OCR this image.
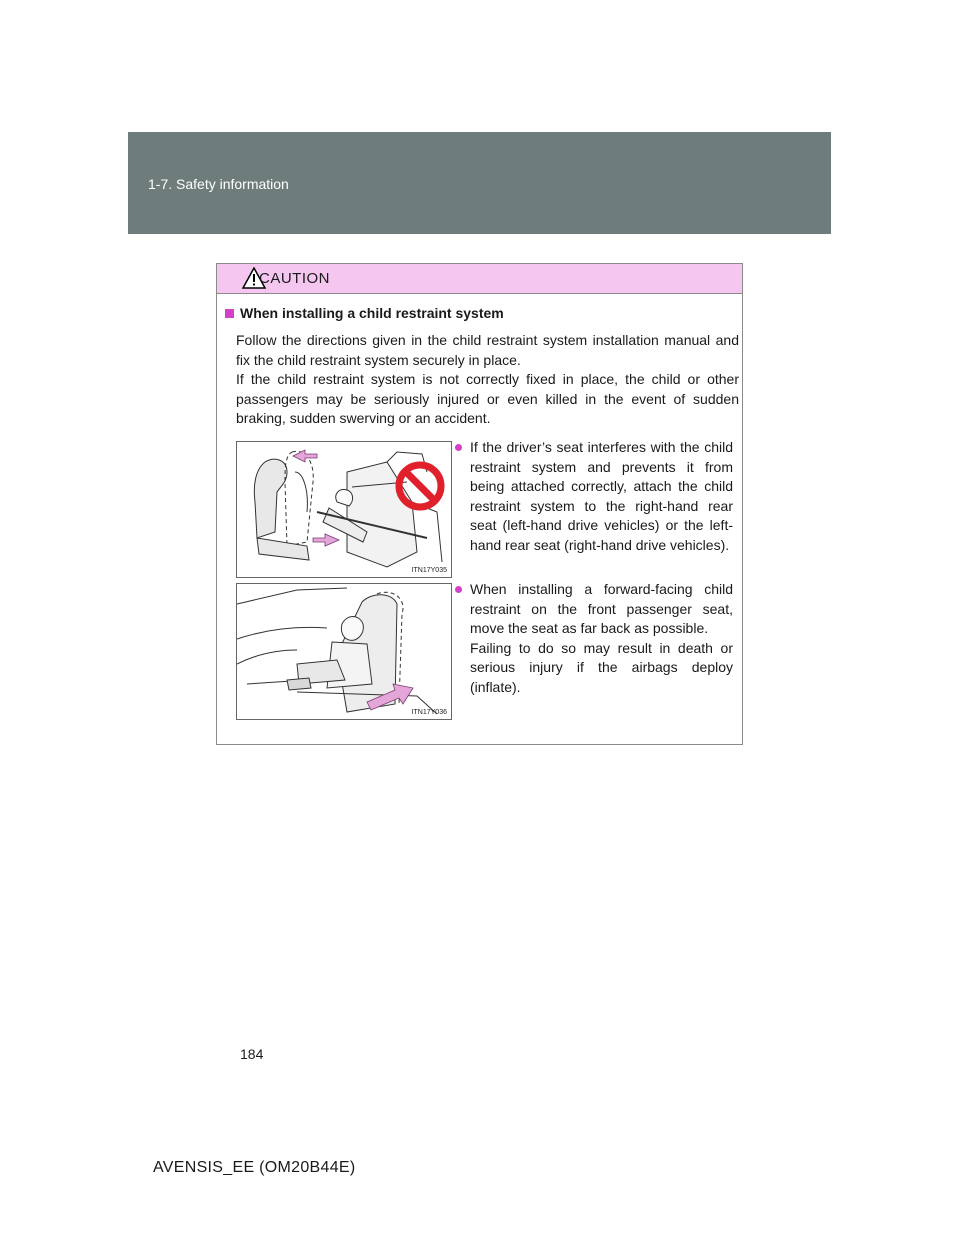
1-7. Safety information
CAUTION
When installing a child restraint system

Follow the directions given in the child restraint system installation manual and fix the child restraint system securely in place.

If the child restraint system is not correctly fixed in place, the child or other passengers may be seriously injured or even killed in the event of sudden braking, sudden swerving or an accident.

ITN17Y035

If the driver’s seat interferes with the child restraint system and prevents it from being attached correctly, attach the child restraint system to the right-hand rear seat (left-hand drive vehicles) or the left-hand rear seat (right-hand drive vehicles).

ITN17Y036

When installing a forward-facing child restraint on the front passenger seat, move the seat as far back as possible.

Failing to do so may result in death or serious injury if the airbags deploy (inflate).

184
AVENSIS_EE (OM20B44E)
